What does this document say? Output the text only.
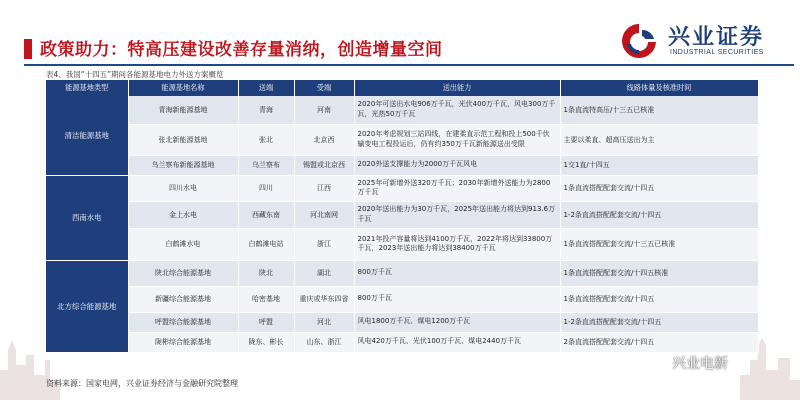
政策助力：特高压建设改善存量消纳，创造增量空间	兴业证券
INDUSTRIAL SECURITIES
表4、我国“十四五”期间各能源基地电力外送方案概览
能源基地类型	能源基地名称	送端	受端	送出能力	线路体量及核准时间
清洁能源基地	青海新能源基地	青海	河南	2020年可送出水电906万千瓦，光伏400万千瓦，风电300万千瓦，光热50万千瓦	1条直流特高压/十三五已核准
	张北新能源基地	张北	北京西	2020年考虑规划三站四线，在建柔直示范工程和投上500千伏输变电工程投运后，仍有约350万千瓦新能源送出受限	主要以柔直、超高压送出为主
	乌兰察布新能源基地	乌兰察布	锡盟或北京西	2020外送支撑能力为2000万千瓦风电	1交1直/十四五
西南水电	四川水电	四川	江西	2025年可新增外送320万千瓦；2030年新增外送能力为2800万千瓦	1条直流搭配配套交流/十四五
	金上水电	西藏东南	河北南网	2020年送出能力为30万千瓦，2025年送出能力将达到913.6万千瓦	1-2条直流搭配配套交流/十四五
	白鹤滩水电	白鹤滩电站	浙江	2021年投产容量将达到4100万千瓦，2022年将达到33800万千瓦，2023年送出能力将达到38400万千瓦	1条直流搭配配套交流/十三五已核准
北方综合能源基地	陕北综合能源基地	陕北	湖北	800万千瓦	1条直流搭配配套交流/十四五核准
	新疆综合能源基地	哈密基地	重庆或华东四省	800万千瓦	1条直流搭配配套交流/十四五
	呼盟综合能源基地	呼盟	河北	风电1800万千瓦、煤电1200万千瓦	1-2条直流搭配配套交流/十四五
	陇彬综合能源基地	陇东、彬长	山东、浙江	风电420万千瓦、光伏100万千瓦、煤电2440万千瓦	2条直流搭配配套交流/十四五
资料来源：国家电网，兴业证券经济与金融研究院整理
兴业电新
